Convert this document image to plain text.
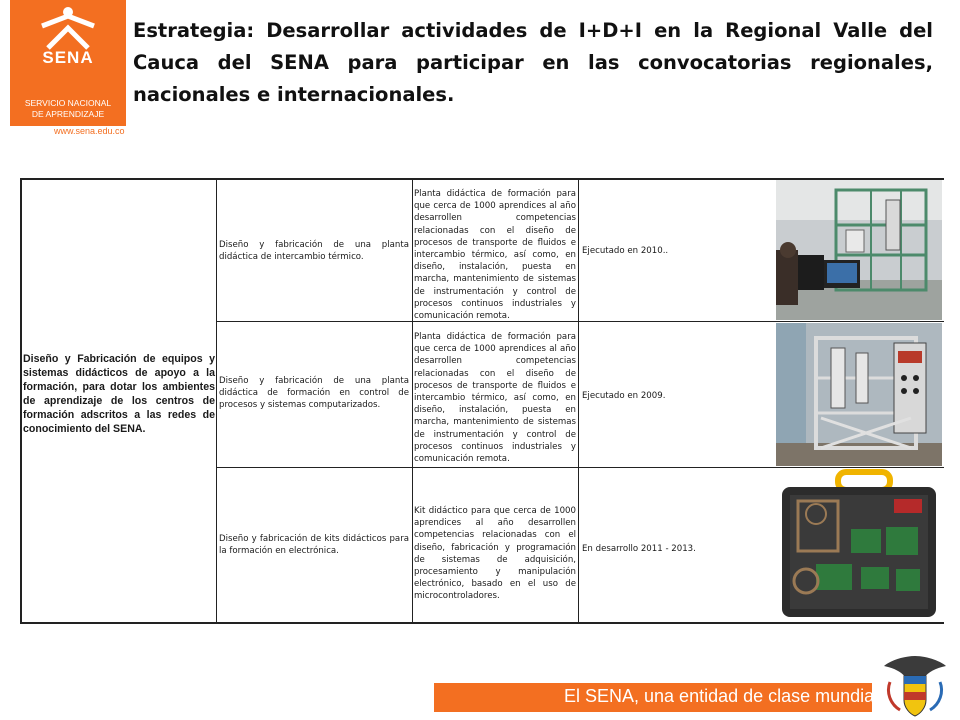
SENA
SERVICIO NACIONAL
DE APRENDIZAJE
www.sena.edu.co
Estrategia: Desarrollar actividades de I+D+I en la Regional Valle del Cauca del SENA para participar en las convocatorias regionales, nacionales e internacionales.
Diseño y Fabricación de equipos y sistemas didácticos de apoyo a la formación, para dotar los ambientes de aprendizaje de los centros de formación adscritos a las redes de conocimiento del SENA.
Diseño y fabricación de una planta didáctica de intercambio térmico.
Planta didáctica de formación para que cerca de 1000 aprendices al año desarrollen competencias relacionadas con el diseño de procesos de transporte de fluidos e intercambio térmico, así como, en diseño, instalación, puesta en marcha, mantenimiento de sistemas de instrumentación y control de procesos continuos industriales y comunicación remota.
Ejecutado en 2010..
Diseño y fabricación de una planta didáctica de formación en control de procesos y sistemas computarizados.
Planta didáctica de formación para que cerca de 1000 aprendices al año desarrollen competencias relacionadas con el diseño de procesos de transporte de fluidos e intercambio térmico, así como, en diseño, instalación, puesta en marcha, mantenimiento de sistemas de instrumentación y control de procesos continuos industriales y comunicación remota.
Ejecutado en 2009.
Diseño y fabricación de kits didácticos para la formación en electrónica.
Kit didáctico para que cerca de 1000 aprendices al año desarrollen competencias relacionadas con el diseño, fabricación y programación de sistemas de adquisición, procesamiento y manipulación electrónico, basado en el uso de microcontroladores.
En desarrollo 2011 - 2013.
El SENA, una entidad de clase mundial
